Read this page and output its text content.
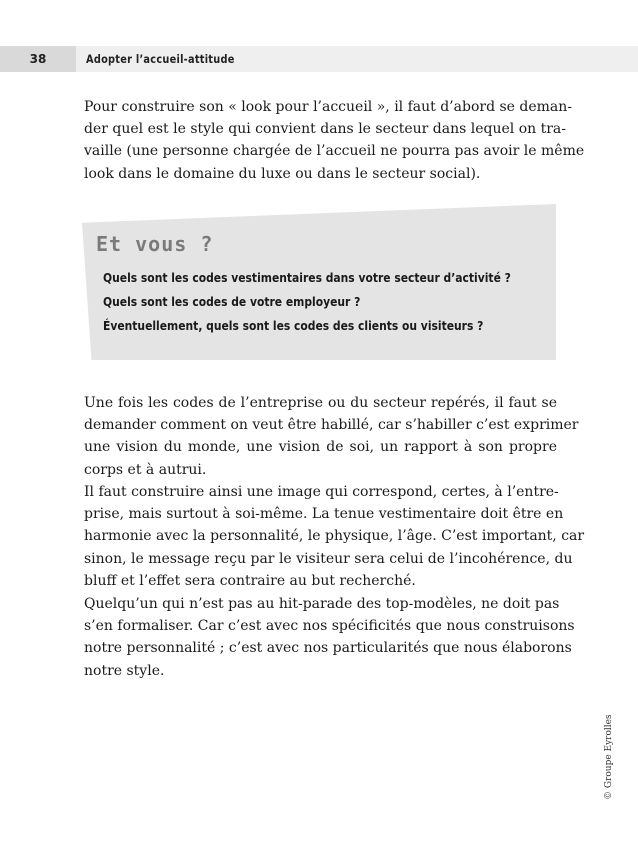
38	Adopter l’accueil-attitude
Pour construire son « look pour l’accueil », il faut d’abord se deman-
der quel est le style qui convient dans le secteur dans lequel on tra-
vaille (une personne chargée de l’accueil ne pourra pas avoir le même
look dans le domaine du luxe ou dans le secteur social).
Et vous ?
Quels sont les codes vestimentaires dans votre secteur d’activité ?
Quels sont les codes de votre employeur ?
Éventuellement, quels sont les codes des clients ou visiteurs ?
Une fois les codes de l’entreprise ou du secteur repérés, il faut se
demander comment on veut être habillé, car s’habiller c’est exprimer
une vision du monde, une vision de soi, un rapport à son propre
corps et à autrui.
Il faut construire ainsi une image qui correspond, certes, à l’entre-
prise, mais surtout à soi-même. La tenue vestimentaire doit être en
harmonie avec la personnalité, le physique, l’âge. C’est important, car
sinon, le message reçu par le visiteur sera celui de l’incohérence, du
bluff et l’effet sera contraire au but recherché.
Quelqu’un qui n’est pas au hit-parade des top-modèles, ne doit pas
s’en formaliser. Car c’est avec nos spécificités que nous construisons
notre personnalité ; c’est avec nos particularités que nous élaborons
notre style.
© Groupe Eyrolles
